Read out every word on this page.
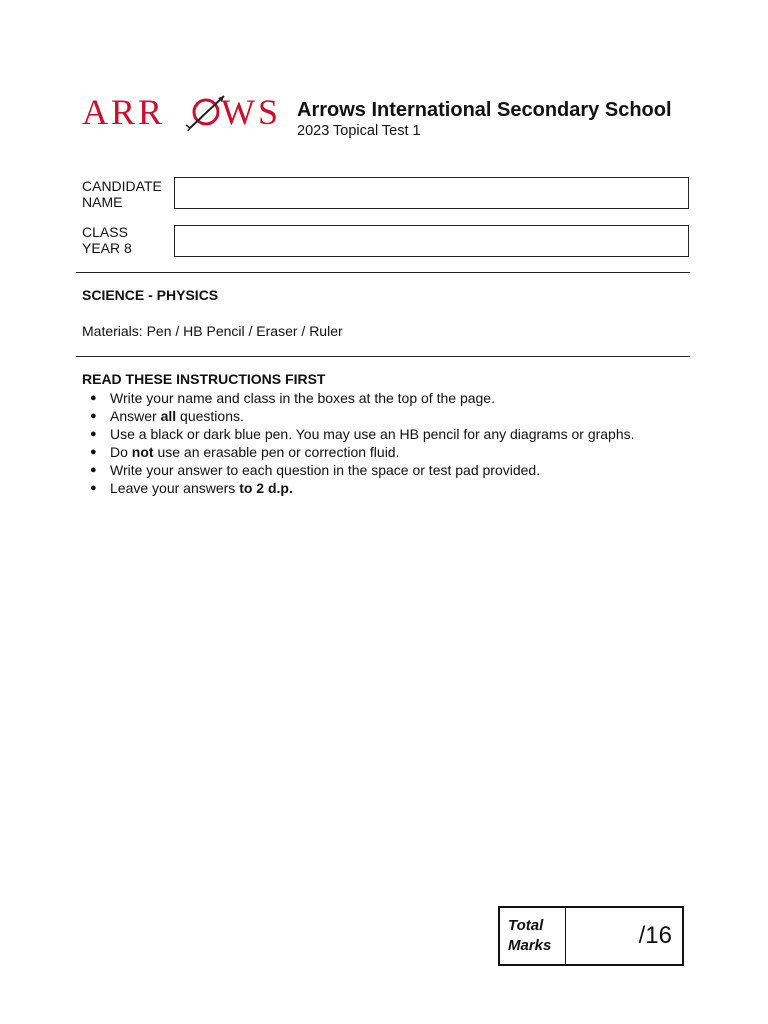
ARR WS Arrows International Secondary School
2023 Topical Test 1
CANDIDATE
NAME
CLASS
YEAR 8
SCIENCE - PHYSICS
Materials: Pen / HB Pencil / Eraser / Ruler
READ THESE INSTRUCTIONS FIRST
● Write your name and class in the boxes at the top of the page.
● Answer all questions.
● Use a black or dark blue pen. You may use an HB pencil for any diagrams or graphs.
● Do not use an erasable pen or correction fluid.
● Write your answer to each question in the space or test pad provided.
● Leave your answers to 2 d.p.
Total
Marks	/16
